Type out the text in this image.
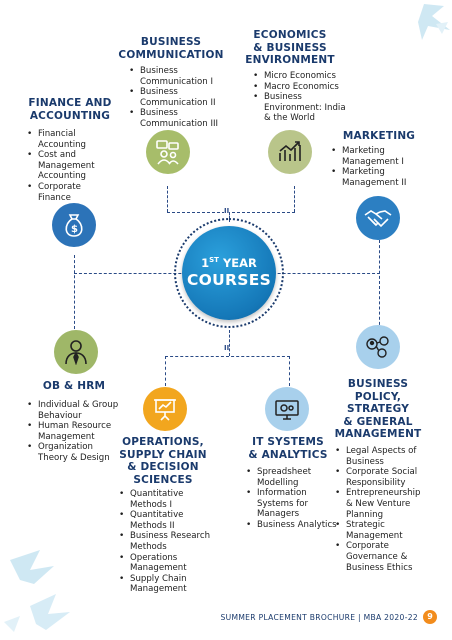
II
II
1ST YEAR
COURSES
BUSINESS
COMMUNICATION
• Business Communication I
• Business Communication II
• Business Communication III
ECONOMICS
& BUSINESS
ENVIRONMENT
• Micro Economics
• Macro Economics
• Business Environment: India & the World
FINANCE AND
ACCOUNTING
• Financial Accounting
• Cost and Management Accounting
• Corporate Finance
$
MARKETING
• Marketing Management I
• Marketing Management II
OB & HRM
• Individual & Group Behaviour
• Human Resource Management
• Organization Theory & Design
OPERATIONS,
SUPPLY CHAIN
& DECISION
SCIENCES
• Quantitative Methods I
• Quantitative Methods II
• Business Research Methods
• Operations Management
• Supply Chain Management
IT SYSTEMS
& ANALYTICS
• Spreadsheet Modelling
• Information Systems for Managers
• Business Analytics
BUSINESS
POLICY,
STRATEGY
& GENERAL
MANAGEMENT
• Legal Aspects of Business
• Corporate Social Responsibility
• Entrepreneurship & New Venture Planning
• Strategic Management
• Corporate Governance & Business Ethics
SUMMER PLACEMENT BROCHURE | MBA 2020-22	9
